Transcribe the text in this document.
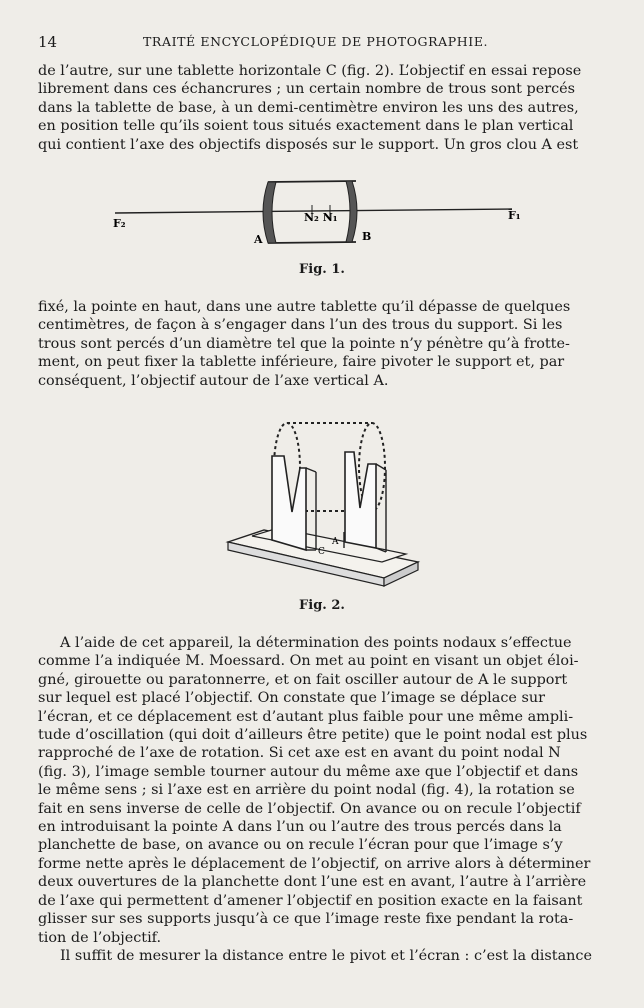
14	TRAITÉ ENCYCLOPÉDIQUE DE PHOTOGRAPHIE.

de l’autre, sur une tablette horizontale C (fig. 2). L’objectif en essai repose
librement dans ces échancrures ; un certain nombre de trous sont percés
dans la tablette de base, à un demi-centimètre environ les uns des autres,
en position telle qu’ils soient tous situés exactement dans le plan vertical
qui contient l’axe des objectifs disposés sur le support. Un gros clou A est

F₂
F₁
A	B
N₂ N₁
Fig. 1.

fixé, la pointe en haut, dans une autre tablette qu’il dépasse de quelques
centimètres, de façon à s’engager dans l’un des trous du support. Si les
trous sont percés d’un diamètre tel que la pointe n’y pénètre qu’à frotte-
ment, on peut fixer la tablette inférieure, faire pivoter le support et, par
conséquent, l’objectif autour de l’axe vertical A.

A
C
Fig. 2.

A l’aide de cet appareil, la détermination des points nodaux s’effectue
comme l’a indiquée M. Moessard. On met au point en visant un objet éloi-
gné, girouette ou paratonnerre, et on fait osciller autour de A le support
sur lequel est placé l’objectif. On constate que l’image se déplace sur
l’écran, et ce déplacement est d’autant plus faible pour une même ampli-
tude d’oscillation (qui doit d’ailleurs être petite) que le point nodal est plus
rapproché de l’axe de rotation. Si cet axe est en avant du point nodal N
(fig. 3), l’image semble tourner autour du même axe que l’objectif et dans
le même sens ; si l’axe est en arrière du point nodal (fig. 4), la rotation se
fait en sens inverse de celle de l’objectif. On avance ou on recule l’objectif
en introduisant la pointe A dans l’un ou l’autre des trous percés dans la
planchette de base, on avance ou on recule l’écran pour que l’image s’y
forme nette après le déplacement de l’objectif, on arrive alors à déterminer
deux ouvertures de la planchette dont l’une est en avant, l’autre à l’arrière
de l’axe qui permettent d’amener l’objectif en position exacte en la faisant
glisser sur ses supports jusqu’à ce que l’image reste fixe pendant la rota-
tion de l’objectif.
Il suffit de mesurer la distance entre le pivot et l’écran : c’est la distance
